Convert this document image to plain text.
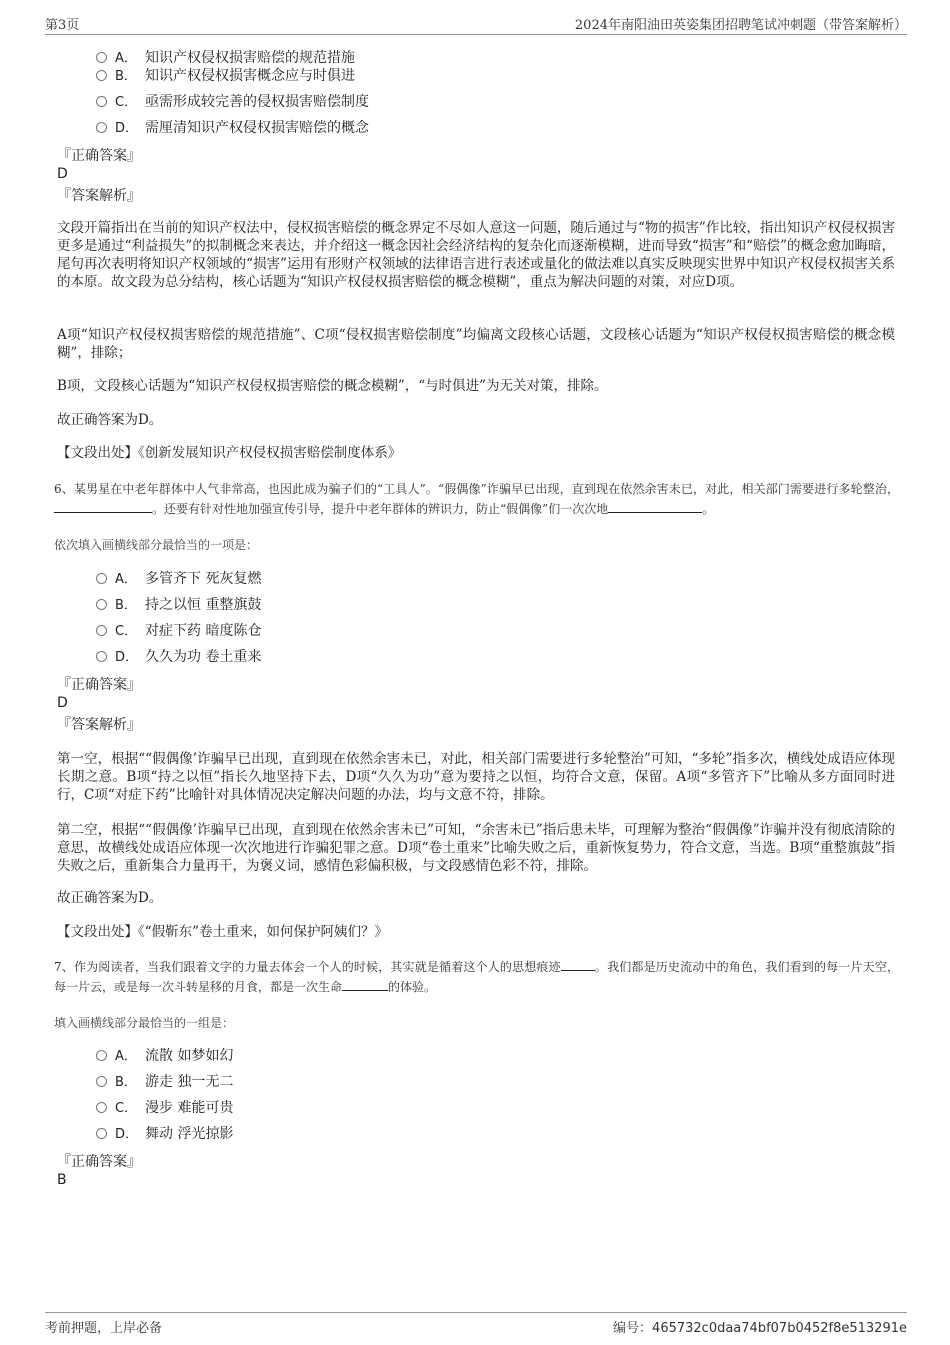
第3页	2024年南阳油田英姿集团招聘笔试冲刺题（带答案解析）
A． 知识产权侵权损害赔偿的规范措施
B． 知识产权侵权损害概念应与时俱进
C． 亟需形成较完善的侵权损害赔偿制度
D． 需厘清知识产权侵权损害赔偿的概念
『正确答案』
D
『答案解析』
文段开篇指出在当前的知识产权法中，侵权损害赔偿的概念界定不尽如人意这一问题，随后通过与“物的损害”作比较，指出知识产权侵权损害更多是通过“利益损失”的拟制概念来表达，并介绍这一概念因社会经济结构的复杂化而逐渐模糊，进而导致“损害”和“赔偿”的概念愈加晦暗，尾句再次表明将知识产权领域的“损害”运用有形财产权领域的法律语言进行表述或量化的做法难以真实反映现实世界中知识产权侵权损害关系的本原。故文段为总分结构，核心话题为“知识产权侵权损害赔偿的概念模糊”，重点为解决问题的对策，对应D项。
A项“知识产权侵权损害赔偿的规范措施”、C项“侵权损害赔偿制度”均偏离文段核心话题，文段核心话题为“知识产权侵权损害赔偿的概念模糊”，排除；
B项，文段核心话题为“知识产权侵权损害赔偿的概念模糊”，“与时俱进”为无关对策，排除。
故正确答案为D。
【文段出处】《创新发展知识产权侵权损害赔偿制度体系》
6、某男星在中老年群体中人气非常高，也因此成为骗子们的“工具人”。“假偶像”诈骗早已出现，直到现在依然余害未已，对此，相关部门需要进行多轮整治，。还要有针对性地加强宣传引导，提升中老年群体的辨识力，防止“假偶像”们一次次地	。
依次填入画横线部分最恰当的一项是：
A． 多管齐下 死灰复燃
B． 持之以恒 重整旗鼓
C． 对症下药 暗度陈仓
D． 久久为功 卷土重来
『正确答案』
D
『答案解析』
第一空，根据““假偶像’诈骗早已出现，直到现在依然余害未已，对此，相关部门需要进行多轮整治”可知，“多轮”指多次，横线处成语应体现长期之意。B项“持之以恒”指长久地坚持下去，D项“久久为功”意为要持之以恒，均符合文意，保留。A项“多管齐下”比喻从多方面同时进行，C项“对症下药”比喻针对具体情况决定解决问题的办法，均与文意不符，排除。
第二空，根据““假偶像’诈骗早已出现，直到现在依然余害未已”可知，“余害未已”指后患未毕，可理解为整治“假偶像”诈骗并没有彻底清除的意思，故横线处成语应体现一次次地进行诈骗犯罪之意。D项“卷土重来”比喻失败之后，重新恢复势力，符合文意，当选。B项“重整旗鼓”指失败之后，重新集合力量再干，为褒义词，感情色彩偏积极，与文段感情色彩不符，排除。
故正确答案为D。
【文段出处】《“假靳东”卷土重来，如何保护阿姨们？》
7、作为阅读者，当我们跟着文字的力量去体会一个人的时候，其实就是循着这个人的思想痕迹	。我们都是历史流动中的角色，我们看到的每一片天空，每一片云，或是每一次斗转星移的月食，都是一次生命	的体验。
填入画横线部分最恰当的一组是：
A． 流散 如梦如幻
B． 游走 独一无二
C． 漫步 难能可贵
D． 舞动 浮光掠影
『正确答案』
B
考前押题，上岸必备	编号：465732c0daa74bf07b0452f8e513291e
